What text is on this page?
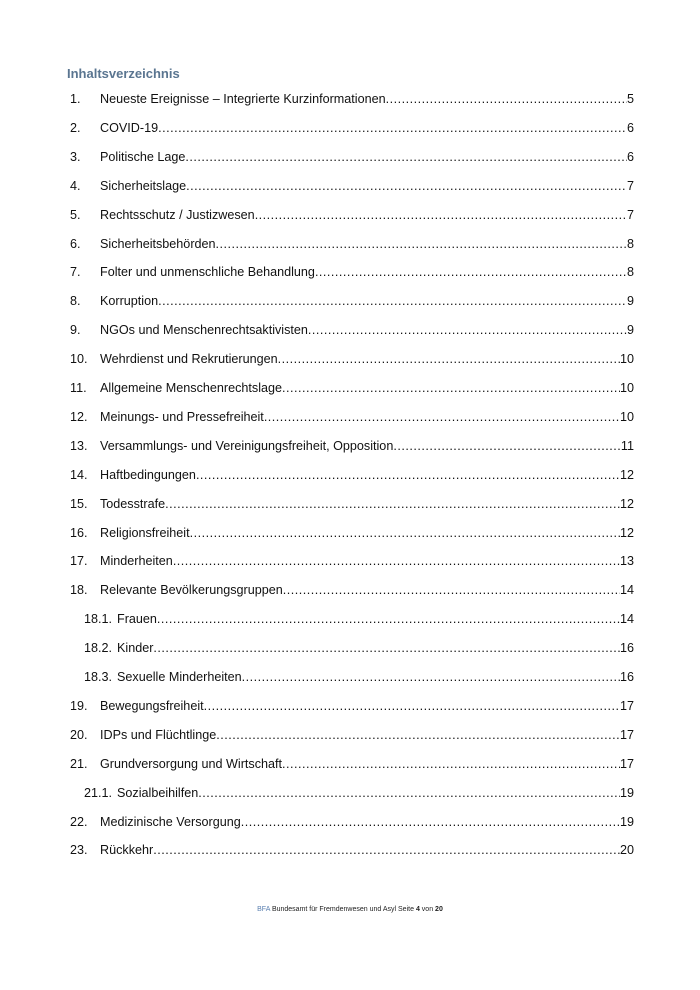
Inhaltsverzeichnis
1.	Neueste Ereignisse – Integrierte Kurzinformationen .....	5
2.	COVID-19 .....	6
3.	Politische Lage .....	6
4.	Sicherheitslage .....	7
5.	Rechtsschutz / Justizwesen .....	7
6.	Sicherheitsbehörden .....	8
7.	Folter und unmenschliche Behandlung .....	8
8.	Korruption .....	9
9.	NGOs und Menschenrechtsaktivisten .....	9
10. Wehrdienst und Rekrutierungen .....	10
11.	Allgemeine Menschenrechtslage .....	10
12. Meinungs- und Pressefreiheit .....	10
13. Versammlungs- und Vereinigungsfreiheit, Opposition .....	11
14. Haftbedingungen .....	12
15. Todesstrafe .....	12
16. Religionsfreiheit .....	12
17. Minderheiten .....	13
18. Relevante Bevölkerungsgruppen .....	14
18.1. Frauen .....	14
18.2. Kinder .....	16
18.3. Sexuelle Minderheiten .....	16
19. Bewegungsfreiheit .....	17
20. IDPs und Flüchtlinge .....	17
21. Grundversorgung und Wirtschaft .....	17
21.1. Sozialbeihilfen .....	19
22. Medizinische Versorgung .....	19
23. Rückkehr .....	20
BFA Bundesamt für Fremdenwesen und Asyl Seite 4 von 20
